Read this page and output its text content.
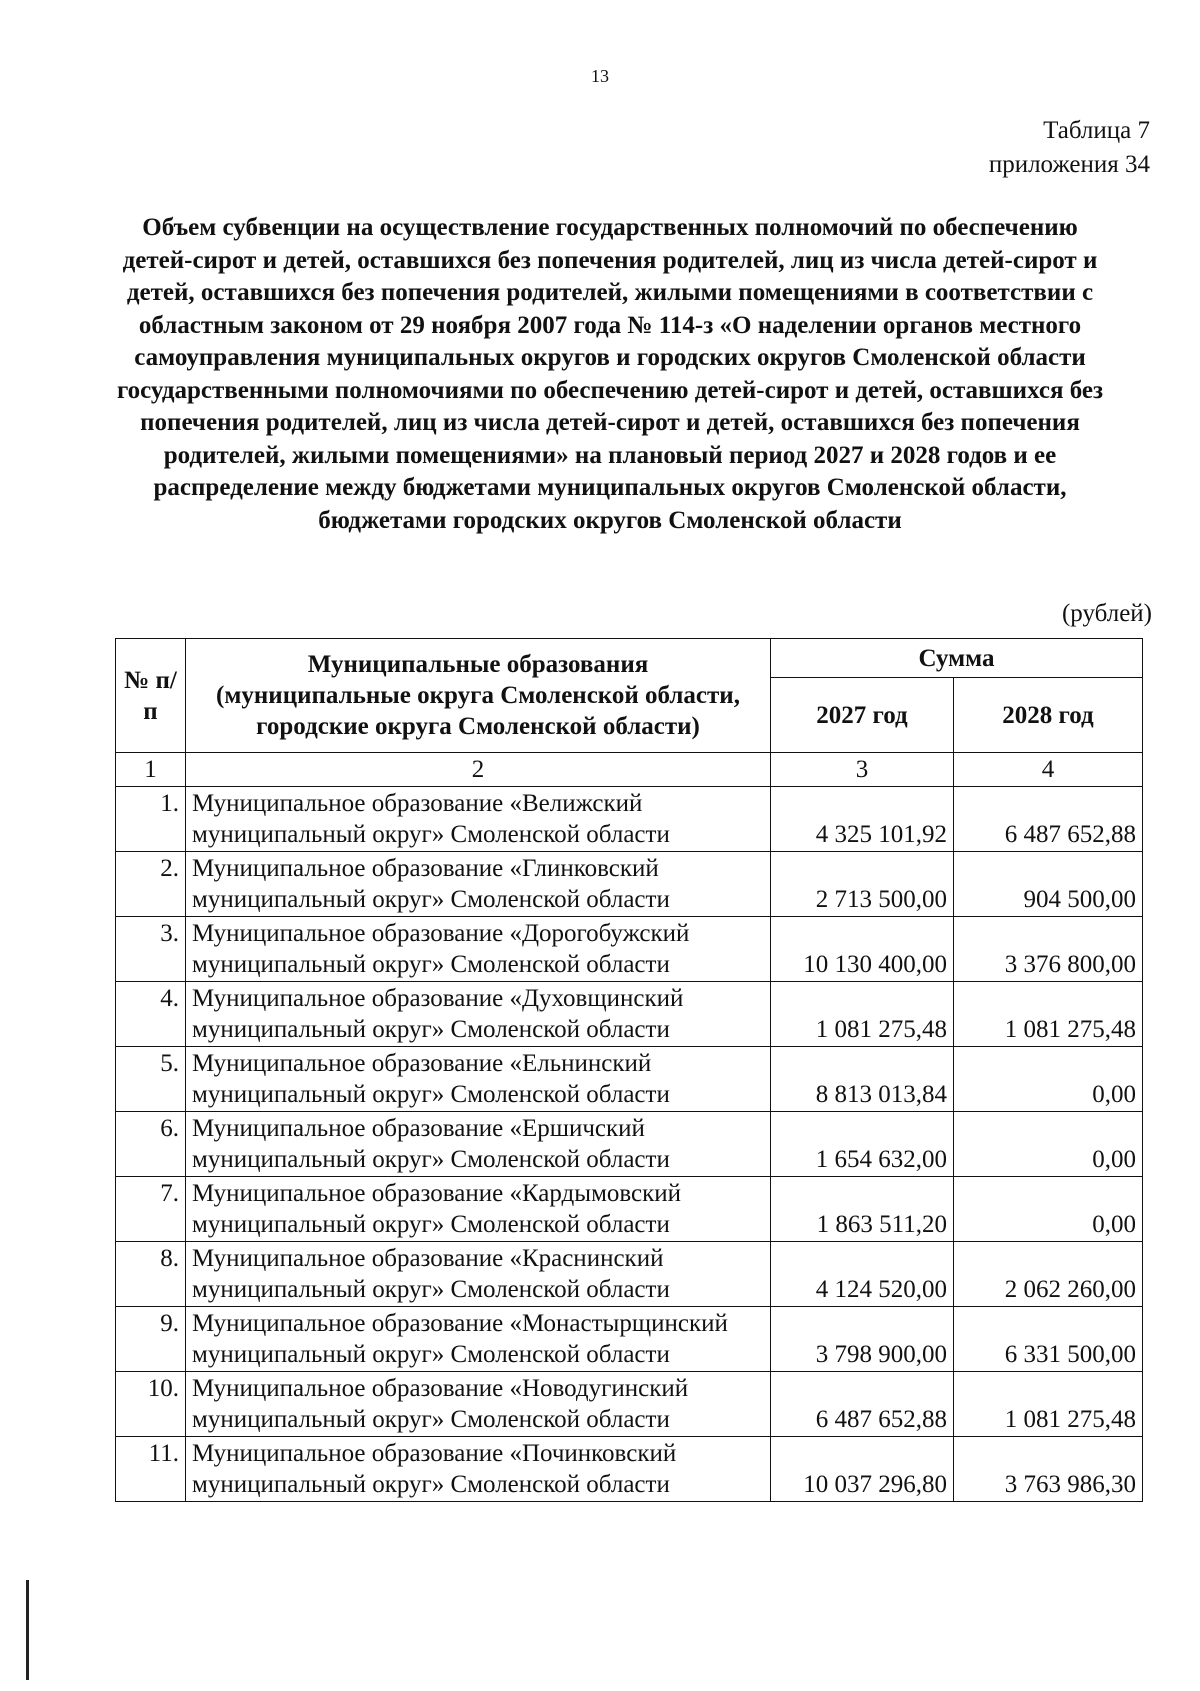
13
Таблица 7
приложения 34
Объем субвенции на осуществление государственных полномочий по обеспечению детей-сирот и детей, оставшихся без попечения родителей, лиц из числа детей-сирот и детей, оставшихся без попечения родителей, жилыми помещениями в соответствии с областным законом от 29 ноября 2007 года № 114-з «О наделении органов местного самоуправления муниципальных округов и городских округов Смоленской области государственными полномочиями по обеспечению детей-сирот и детей, оставшихся без попечения родителей, лиц из числа детей-сирот и детей, оставшихся без попечения родителей, жилыми помещениями» на плановый период 2027 и 2028 годов и ее распределение между бюджетами муниципальных округов Смоленской области, бюджетами городских округов Смоленской области
(рублей)
№ п/п	Муниципальные образования (муниципальные округа Смоленской области, городские округа Смоленской области)	Сумма	
		2027 год	2028 год
1	2	3	4
1.	Муниципальное образование «Велижский муниципальный округ» Смоленской области	4 325 101,92	6 487 652,88
2.	Муниципальное образование «Глинковский муниципальный округ» Смоленской области	2 713 500,00	904 500,00
3.	Муниципальное образование «Дорогобужский муниципальный округ» Смоленской области	10 130 400,00	3 376 800,00
4.	Муниципальное образование «Духовщинский муниципальный округ» Смоленской области	1 081 275,48	1 081 275,48
5.	Муниципальное образование «Ельнинский муниципальный округ» Смоленской области	8 813 013,84	0,00
6.	Муниципальное образование «Ершичский муниципальный округ» Смоленской области	1 654 632,00	0,00
7.	Муниципальное образование «Кардымовский муниципальный округ» Смоленской области	1 863 511,20	0,00
8.	Муниципальное образование «Краснинский муниципальный округ» Смоленской области	4 124 520,00	2 062 260,00
9.	Муниципальное образование «Монастырщинский муниципальный округ» Смоленской области	3 798 900,00	6 331 500,00
10.	Муниципальное образование «Новодугинский муниципальный округ» Смоленской области	6 487 652,88	1 081 275,48
11.	Муниципальное образование «Починковский муниципальный округ» Смоленской области	10 037 296,80	3 763 986,30
